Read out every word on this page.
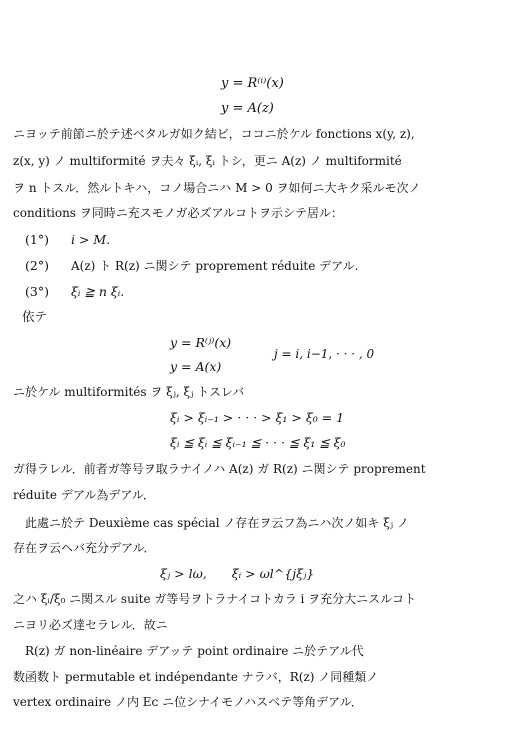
y = R⁽ⁱ⁾(x)
y = A(z)
ニヨッテ前節ニ於テ述ベタルガ如ク結ビ，ココニ於ケル fonctions x(y, z),
z(x, y) ノ multiformité ヲ夫々 ξᵢ, ξᵢ トシ，更ニ A(z) ノ multiformité
ヲ n トスル．然ルトキハ，コノ場合ニハ M > 0 ヲ如何ニ大キク采ルモ次ノ
conditions ヲ同時ニ充スモノガ必ズアルコトヲ示シテ居ル：
(1°) i > M.
(2°) A(z) ト R(z) ニ関シテ proprement réduite デアル.
(3°) ξᵢ ≧ n ξᵢ.
依テ
y = R⁽ʲ⁾(x)
y = A(x)
j = i, i−1, · · · , 0
ニ於ケル multiformités ヲ ξⱼ, ξⱼ トスレバ
ξᵢ > ξᵢ₋₁ > · · · > ξ₁ > ξ₀ = 1
ξᵢ ≦ ξᵢ ≦ ξᵢ₋₁ ≦ · · · ≦ ξ₁ ≦ ξ₀
ガ得ラレル．前者ガ等号ヲ取ラナイノハ A(z) ガ R(z) ニ関シテ proprement
réduite デアル為デアル．
　此處ニ於テ Deuxième cas spécial ノ存在ヲ云フ為ニハ次ノ如キ ξⱼ ノ
存在ヲ云ヘバ充分デアル．
ξⱼ > lω,　　ξᵢ > ωl^{jξⱼ}
之ハ ξᵢ/ξ₀ ニ関スル suite ガ等号ヲトラナイコトカラ i ヲ充分大ニスルコト
ニヨリ必ズ達セラレル．故ニ
　R(z) ガ non-linéaire デアッテ point ordinaire ニ於テアル代
数函数ト permutable et indépendante ナラバ，R(z) ノ同種類ノ
vertex ordinaire ノ内 Eᴄ ニ位シナイモノハスベテ等角デアル．
